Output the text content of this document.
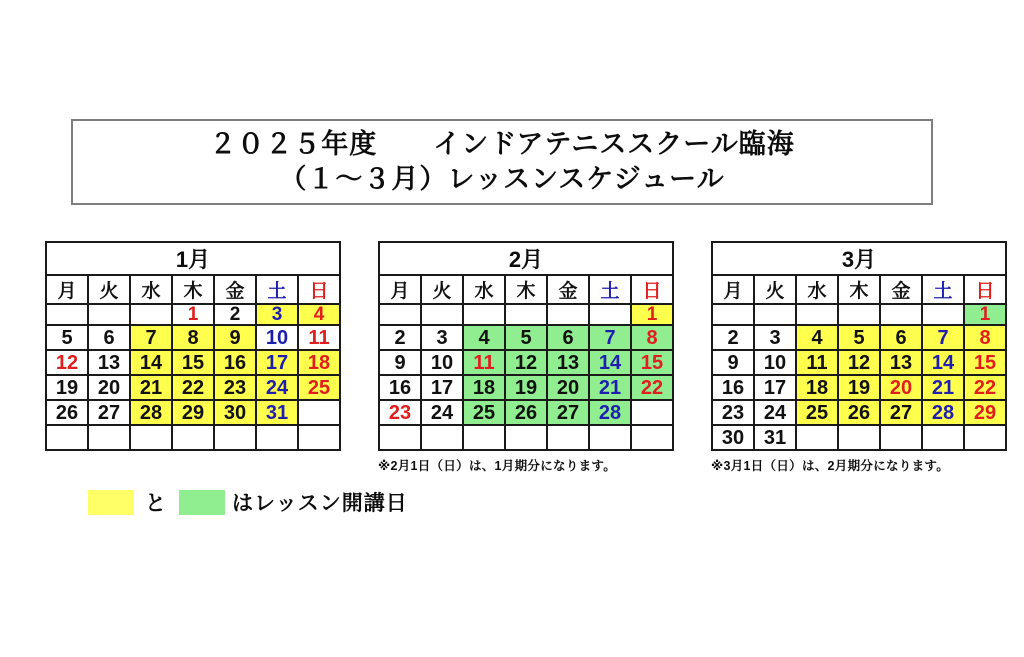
２０２５年度　　インドアテニススクール臨海
（１～３月）レッスンスケジュール
1月						
月	火	水	木	金	土	日
			1	2	3	4
5	6	7	8	9	10	11
12	13	14	15	16	17	18
19	20	21	22	23	24	25
26	27	28	29	30	31	

2月						
月	火	水	木	金	土	日
						1
2	3	4	5	6	7	8
9	10	11	12	13	14	15
16	17	18	19	20	21	22
23	24	25	26	27	28	

※2月1日（日）は、1月期分になります。
3月						
月	火	水	木	金	土	日
						1
2	3	4	5	6	7	8
9	10	11	12	13	14	15
16	17	18	19	20	21	22
23	24	25	26	27	28	29
30	31					
※3月1日（日）は、2月期分になります。
と	はレッスン開講日
